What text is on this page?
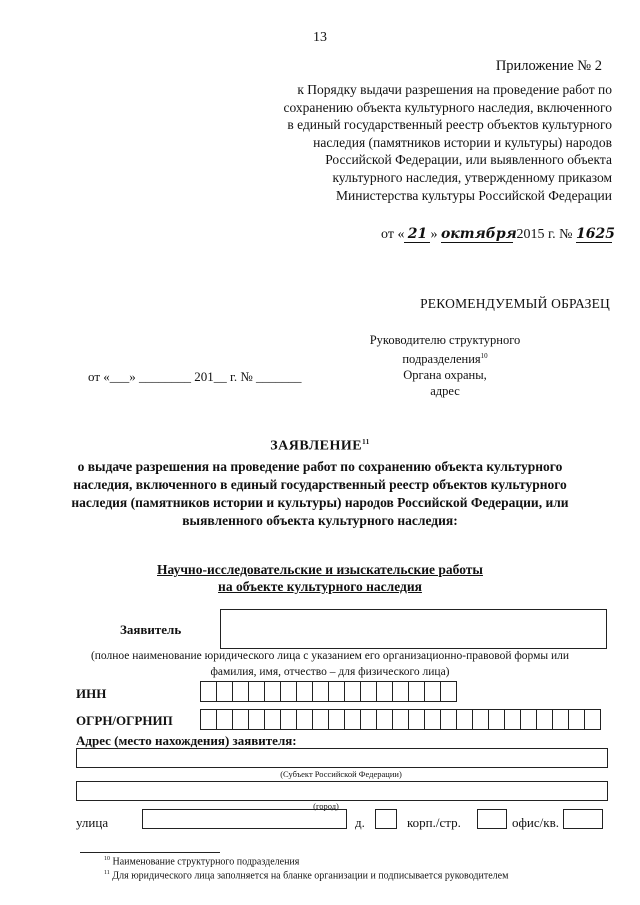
13
Приложение № 2
к Порядку выдачи разрешения на проведение работ по сохранению объекта культурного наследия, включенного в единый государственный реестр объектов культурного наследия (памятников истории и культуры) народов Российской Федерации, или выявленного объекта культурного наследия, утвержденному приказом Министерства культуры Российской Федерации
от « 21 » октября 2015 г. № 1625
РЕКОМЕНДУЕМЫЙ ОБРАЗЕЦ
Руководителю структурного
подразделения$^{10}$
Органа охраны,
адрес
от «___» ________ 201__ г. № _______
ЗАЯВЛЕНИЕ$^{11}$
о выдаче разрешения на проведение работ по сохранению объекта культурного наследия, включенного в единый государственный реестр объектов культурного наследия (памятников истории и культуры) народов Российской Федерации, или выявленного объекта культурного наследия:
Научно-исследовательские и изыскательские работы
на объекте культурного наследия
Заявитель
(полное наименование юридического лица с указанием его организационно-правовой формы или
фамилия, имя, отчество – для физического лица)
ИНН
ОГРН/ОГРНИП
Адрес (место нахождения) заявителя:
(Субъект Российской Федерации)
(город)
улица	д.	корп./стр.	офис/кв.
$^{10}$ Наименование структурного подразделения
$^{11}$ Для юридического лица заполняется на бланке организации и подписывается руководителем
